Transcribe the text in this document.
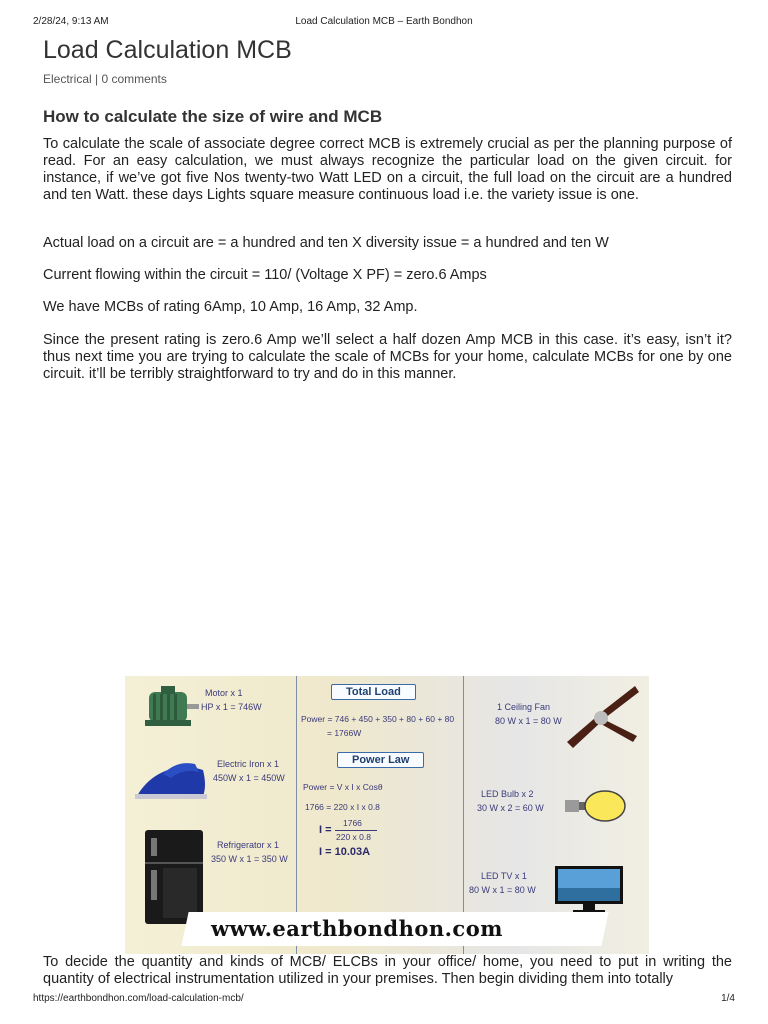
2/28/24, 9:13 AM	Load Calculation MCB – Earth Bondhon
Load Calculation MCB
Electrical | 0 comments
How to calculate the size of wire and MCB

To calculate the scale of associate degree correct MCB is extremely crucial as per the planning purpose of read. For an easy calculation, we must always recognize the particular load on the given circuit. for instance, if we’ve got five Nos twenty-two Watt LED on a circuit, the full load on the circuit are a hundred and ten Watt. these days Lights square measure continuous load i.e. the variety issue is one.

Actual load on a circuit are = a hundred and ten X diversity issue = a hundred and ten W

Current flowing within the circuit = 110/ (Voltage X PF) = zero.6 Amps

We have MCBs of rating 6Amp, 10 Amp, 16 Amp, 32 Amp.

Since the present rating is zero.6 Amp we’ll select a half dozen Amp MCB in this case. it’s easy, isn’t it? thus next time you are trying to calculate the scale of MCBs for your home, calculate MCBs for one by one circuit. it’ll be terribly straightforward to try and do in this manner.

To decide the quantity and kinds of MCB/ ELCBs in your office/ home, you need to put in writing the quantity of electrical instrumentation utilized in your premises. Then begin dividing them into totally

Motor x 1
HP x 1 = 746W
Electric Iron x 1
450W x 1 = 450W
Refrigerator x 1
350 W x 1 = 350 W
Total Load
Power = 746 + 450 + 350 + 80 + 60 + 80
= 1766W
Power Law
Power = V x I x Cosθ
1766 = 220 x I x 0.8
I =
1766
220 x 0.8
I = 10.03A
1 Ceiling Fan
80 W x 1 = 80 W
LED Bulb x 2
30 W x 2 = 60 W
LED TV x 1
80 W x 1 = 80 W
www.earthbondhon.com
https://earthbondhon.com/load-calculation-mcb/	1/4
